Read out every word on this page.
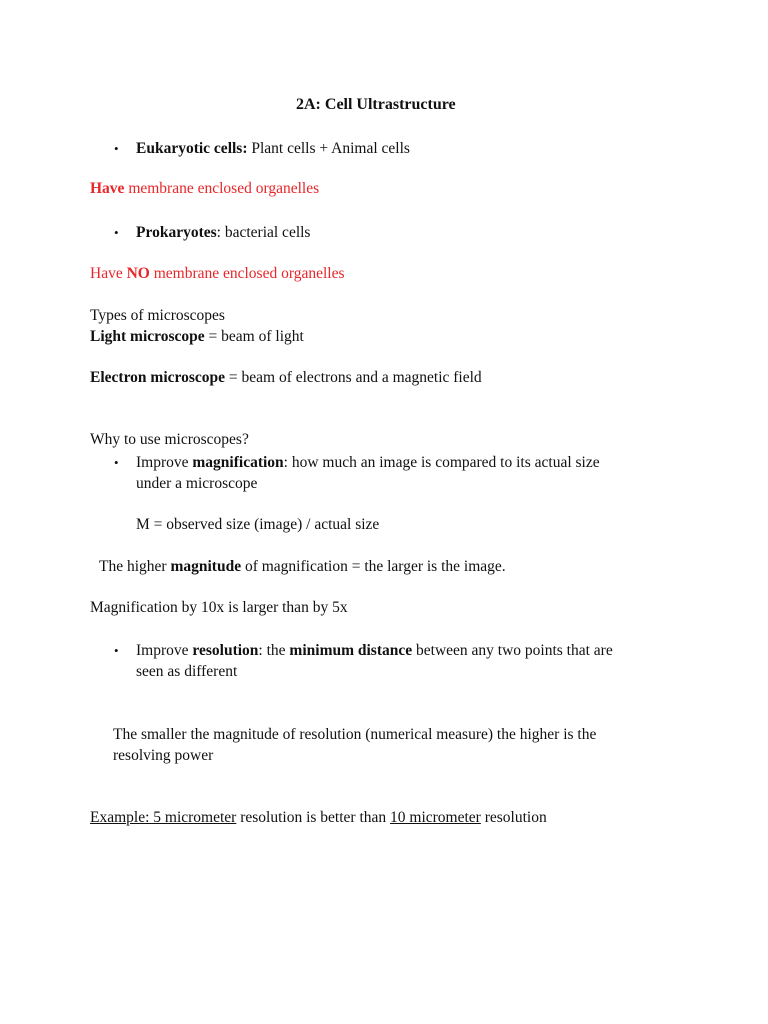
2A: Cell Ultrastructure
• Eukaryotic cells: Plant cells + Animal cells
Have membrane enclosed organelles
• Prokaryotes: bacterial cells
Have NO membrane enclosed organelles
Types of microscopes
Light microscope = beam of light
Electron microscope = beam of electrons and a magnetic field
Why to use microscopes?
• Improve magnification: how much an image is compared to its actual size
under a microscope
M = observed size (image) / actual size
The higher magnitude of magnification = the larger is the image.
Magnification by 10x is larger than by 5x
• Improve resolution: the minimum distance between any two points that are
seen as different
The smaller the magnitude of resolution (numerical measure) the higher is the
resolving power
Example: 5 micrometer resolution is better than 10 micrometer resolution
